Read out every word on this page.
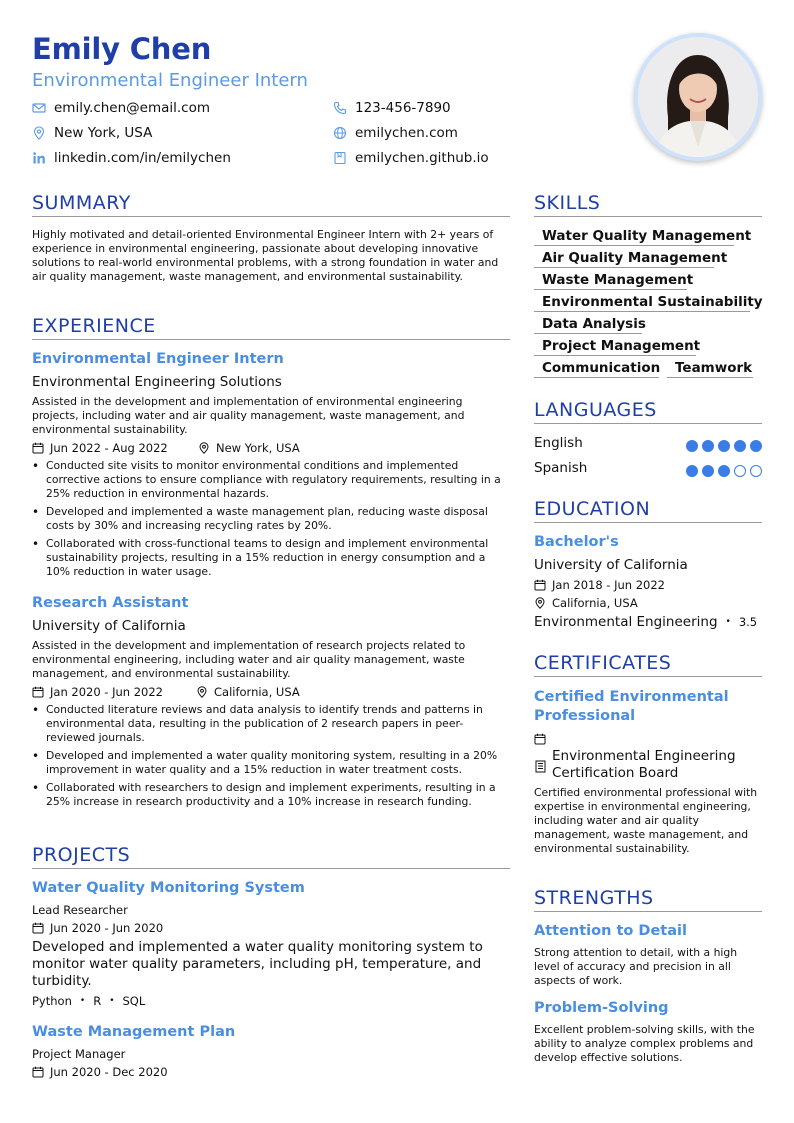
Emily Chen
Environmental Engineer Intern
emily.chen@email.com	123-456-7890
New York, USA	emilychen.com
linkedin.com/in/emilychen	emilychen.github.io
SUMMARY
Highly motivated and detail-oriented Environmental Engineer Intern with 2+ years of experience in environmental engineering, passionate about developing innovative solutions to real-world environmental problems, with a strong foundation in water and air quality management, waste management, and environmental sustainability.
EXPERIENCE
Environmental Engineer Intern
Environmental Engineering Solutions
Assisted in the development and implementation of environmental engineering projects, including water and air quality management, waste management, and environmental sustainability.
Jun 2022 - Aug 2022	New York, USA
• Conducted site visits to monitor environmental conditions and implemented corrective actions to ensure compliance with regulatory requirements, resulting in a 25% reduction in environmental hazards.
• Developed and implemented a waste management plan, reducing waste disposal costs by 30% and increasing recycling rates by 20%.
• Collaborated with cross-functional teams to design and implement environmental sustainability projects, resulting in a 15% reduction in energy consumption and a 10% reduction in water usage.
Research Assistant
University of California
Assisted in the development and implementation of research projects related to environmental engineering, including water and air quality management, waste management, and environmental sustainability.
Jan 2020 - Jun 2022	California, USA
• Conducted literature reviews and data analysis to identify trends and patterns in environmental data, resulting in the publication of 2 research papers in peer-reviewed journals.
• Developed and implemented a water quality monitoring system, resulting in a 20% improvement in water quality and a 15% reduction in water treatment costs.
• Collaborated with researchers to design and implement experiments, resulting in a 25% increase in research productivity and a 10% increase in research funding.
PROJECTS
Water Quality Monitoring System
Lead Researcher
Jun 2020 - Jun 2020
Developed and implemented a water quality monitoring system to monitor water quality parameters, including pH, temperature, and turbidity.
Python • R • SQL
Waste Management Plan
Project Manager
Jun 2020 - Dec 2020
SKILLS
Water Quality Management
Air Quality Management
Waste Management
Environmental Sustainability
Data Analysis
Project Management
Communication	Teamwork
LANGUAGES
English
Spanish
EDUCATION
Bachelor's
University of California
Jan 2018 - Jun 2022
California, USA
Environmental Engineering • 3.5
CERTIFICATES
Certified Environmental Professional
Environmental Engineering Certification Board
Certified environmental professional with expertise in environmental engineering, including water and air quality management, waste management, and environmental sustainability.
STRENGTHS
Attention to Detail
Strong attention to detail, with a high level of accuracy and precision in all aspects of work.
Problem-Solving
Excellent problem-solving skills, with the ability to analyze complex problems and develop effective solutions.
